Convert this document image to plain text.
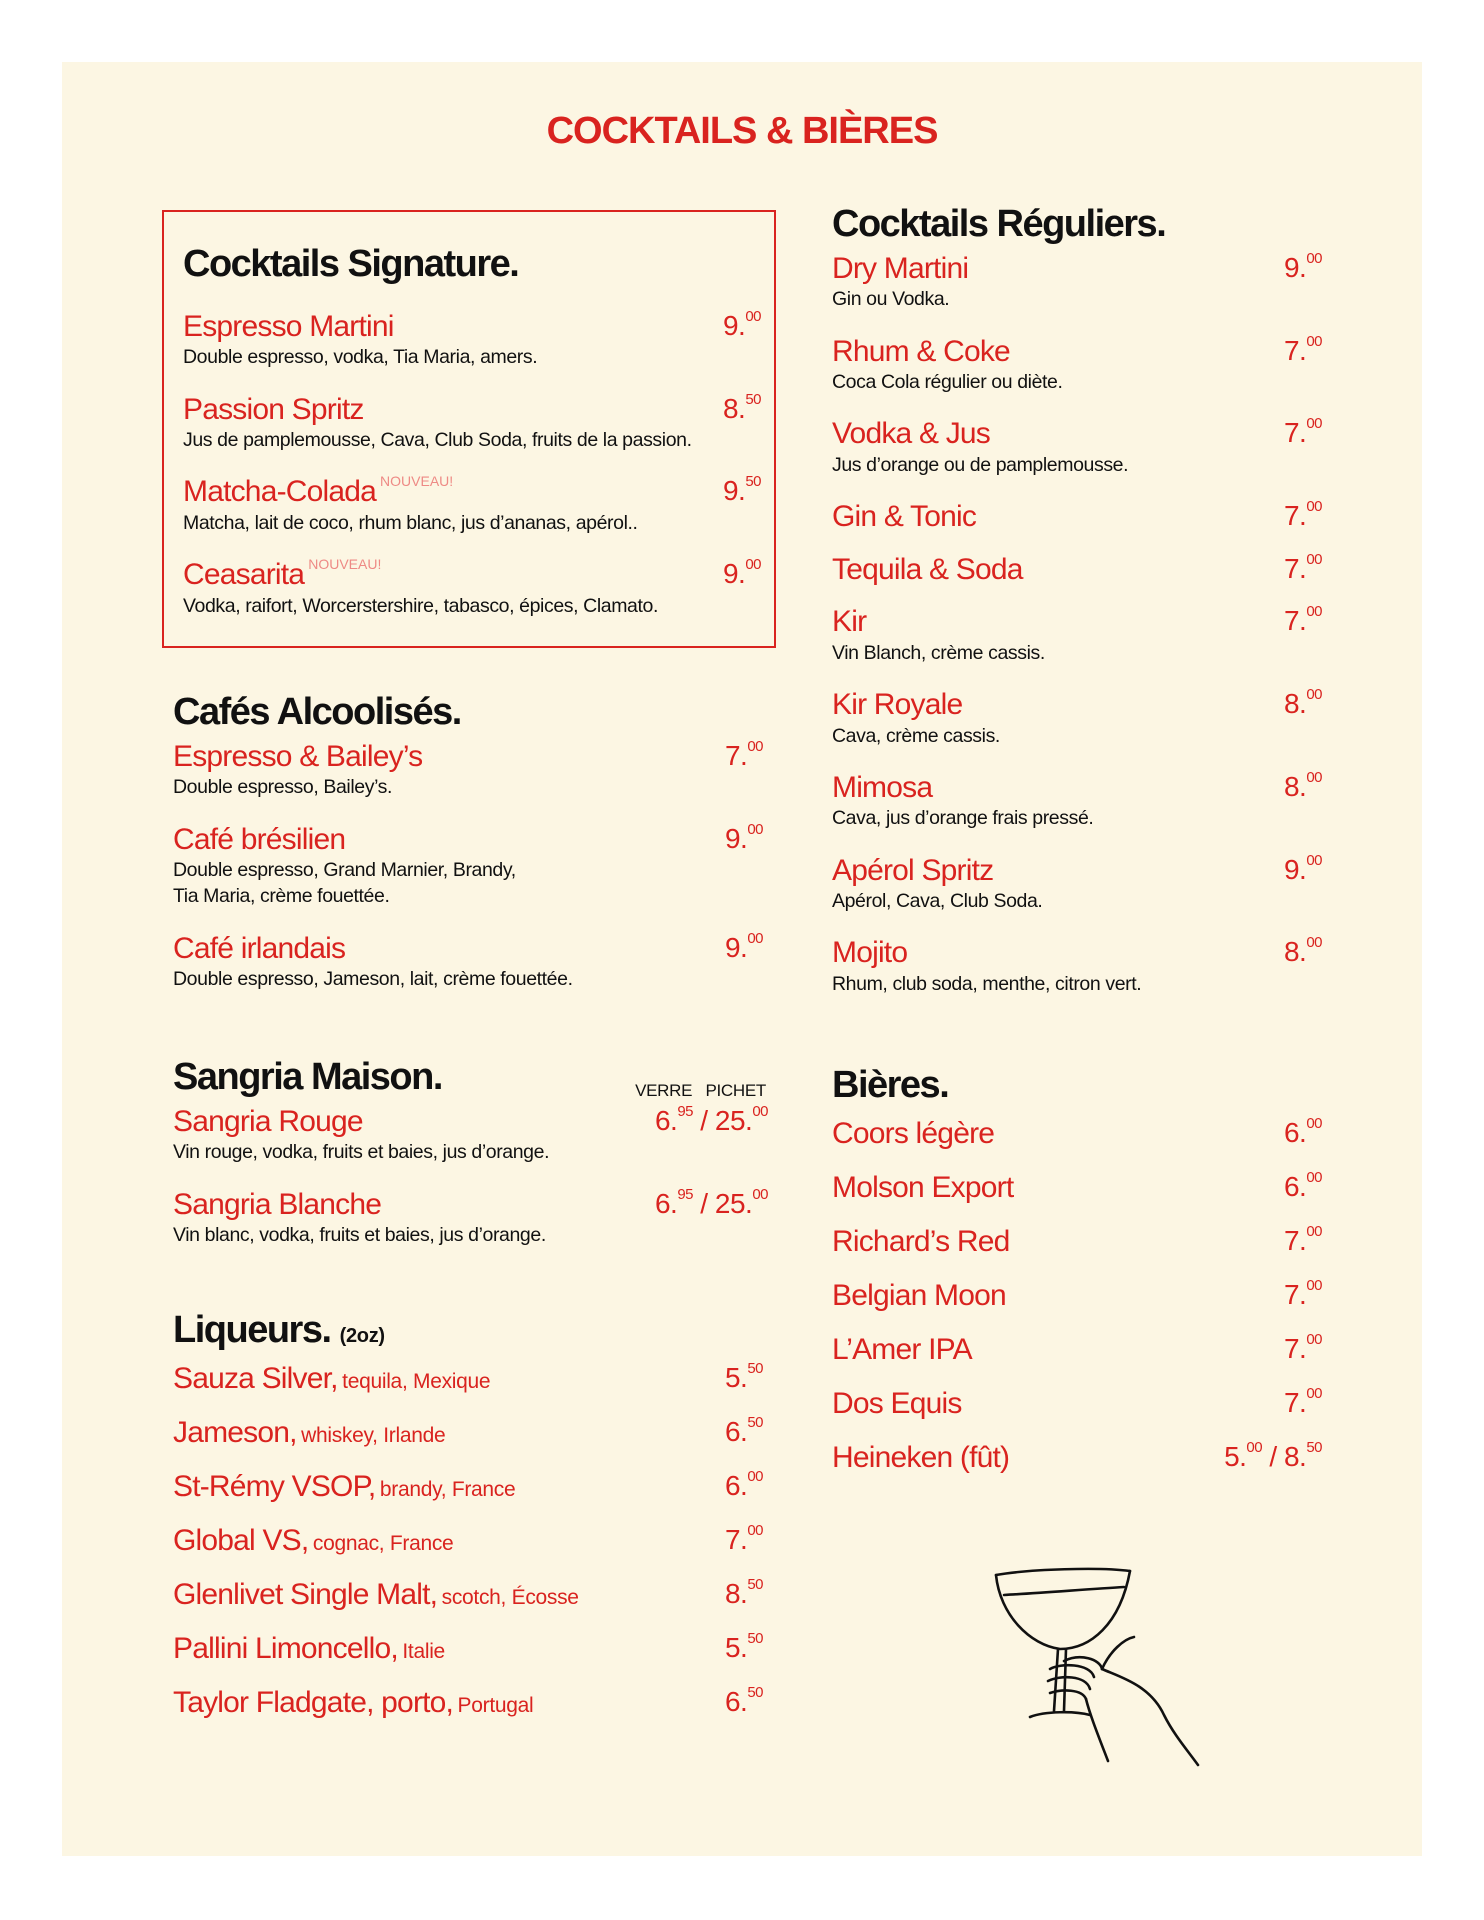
COCKTAILS & BIÈRES
Cocktails Signature.
Espresso Martini
Double espresso, vodka, Tia Maria, amers.
9.00
Passion Spritz
Jus de pamplemousse, Cava, Club Soda, fruits de la passion.
8.50
Matcha-Colada NOUVEAU!
Matcha, lait de coco, rhum blanc, jus d’ananas, apérol..
9.50
Ceasarita NOUVEAU!
Vodka, raifort, Worcerstershire, tabasco, épices, Clamato.
9.00
Cafés Alcoolisés.
Espresso & Bailey’s
Double espresso, Bailey’s.
7.00
Café brésilien
Double espresso, Grand Marnier, Brandy,
Tia Maria, crème fouettée.
9.00
Café irlandais
Double espresso, Jameson, lait, crème fouettée.
9.00
Sangria Maison.	VERRE PICHET
Sangria Rouge
Vin rouge, vodka, fruits et baies, jus d’orange.
6.95 / 25.00
Sangria Blanche
Vin blanc, vodka, fruits et baies, jus d’orange.
6.95 / 25.00
Liqueurs. (2oz)
Sauza Silver, tequila, Mexique	5.50
Jameson, whiskey, Irlande	6.50
St-Rémy VSOP, brandy, France	6.00
Global VS, cognac, France	7.00
Glenlivet Single Malt, scotch, Écosse	8.50
Pallini Limoncello, Italie	5.50
Taylor Fladgate, porto, Portugal	6.50
Cocktails Réguliers.
Dry Martini
Gin ou Vodka.
9.00
Rhum & Coke
Coca Cola régulier ou diète.
7.00
Vodka & Jus
Jus d’orange ou de pamplemousse.
7.00
Gin & Tonic	7.00
Tequila & Soda	7.00
Kir
Vin Blanch, crème cassis.
7.00
Kir Royale
Cava, crème cassis.
8.00
Mimosa
Cava, jus d’orange frais pressé.
8.00
Apérol Spritz
Apérol, Cava, Club Soda.
9.00
Mojito
Rhum, club soda, menthe, citron vert.
8.00
Bières.
Coors légère	6.00
Molson Export	6.00
Richard’s Red	7.00
Belgian Moon	7.00
L’Amer IPA	7.00
Dos Equis	7.00
Heineken (fût)	5.00 / 8.50
